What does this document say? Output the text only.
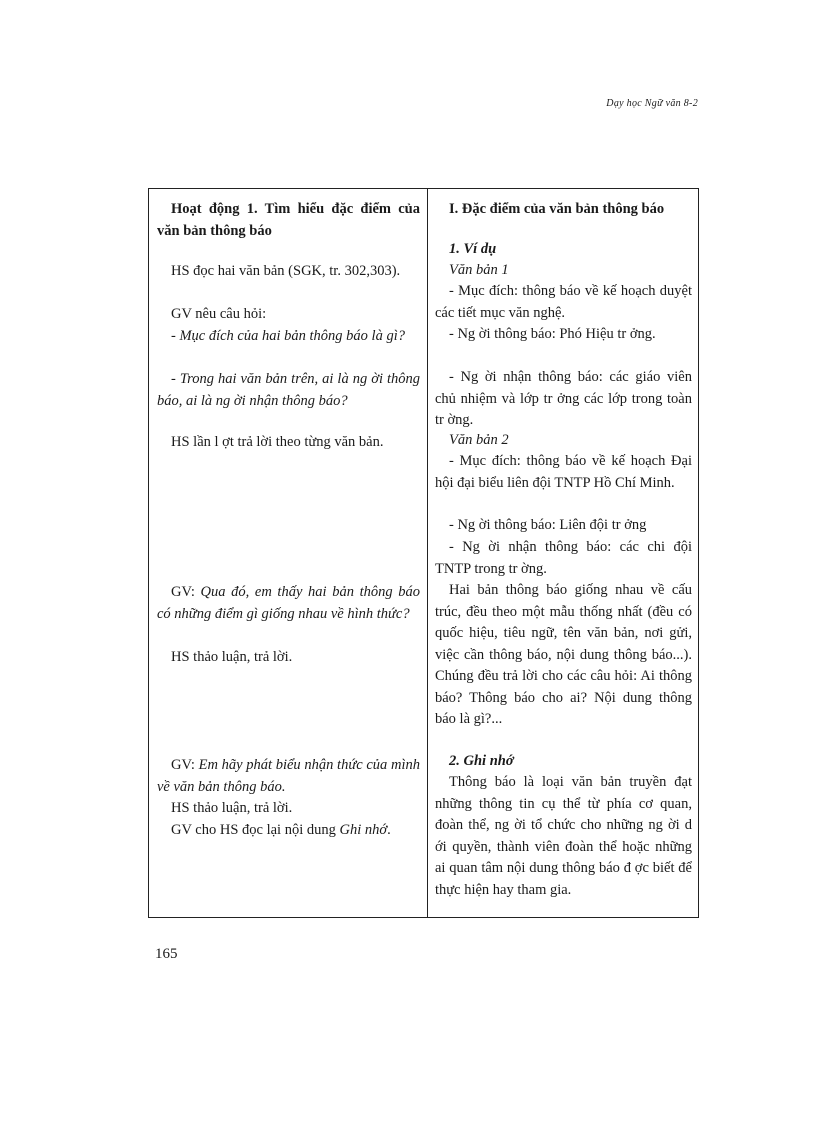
Dạy học Ngữ văn 8-2

Hoạt động 1. Tìm hiểu đặc điểm của văn bản thông báo

HS đọc hai văn bản (SGK, tr. 302,303).

GV nêu câu hỏi:

- Mục đích của hai bản thông báo là gì?

- Trong hai văn bản trên, ai là ng ời thông báo, ai là ng ời nhận thông báo?

HS lần l ợt trả lời theo từng văn bản.

GV: Qua đó, em thấy hai bản thông báo có những điểm gì giống nhau về hình thức?

HS thảo luận, trả lời.

GV: Em hãy phát biểu nhận thức của mình về văn bản thông báo.

HS thảo luận, trả lời.

GV cho HS đọc lại nội dung Ghi nhớ.

I. Đặc điểm của văn bản thông báo

1. Ví dụ

Văn bản 1

- Mục đích: thông báo về kế hoạch duyệt các tiết mục văn nghệ.

- Ng ời thông báo: Phó Hiệu tr ởng.

- Ng ời nhận thông báo: các giáo viên chủ nhiệm và lớp tr ởng các lớp trong toàn tr ờng.

Văn bản 2

- Mục đích: thông báo về kế hoạch Đại hội đại biểu liên đội TNTP Hồ Chí Minh.

- Ng ời thông báo: Liên đội tr ởng

- Ng ời nhận thông báo: các chi đội TNTP trong tr ờng.

Hai bản thông báo giống nhau về cấu trúc, đều theo một mẫu thống nhất (đều có quốc hiệu, tiêu ngữ, tên văn bản, nơi gửi, việc cần thông báo, nội dung thông báo...). Chúng đều trả lời cho các câu hỏi: Ai thông báo? Thông báo cho ai? Nội dung thông báo là gì?...

2. Ghi nhớ

Thông báo là loại văn bản truyền đạt những thông tin cụ thể từ phía cơ quan, đoàn thể, ng ời tổ chức cho những ng ời d ới quyền, thành viên đoàn thể hoặc những ai quan tâm nội dung thông báo đ ợc biết để thực hiện hay tham gia.

165
